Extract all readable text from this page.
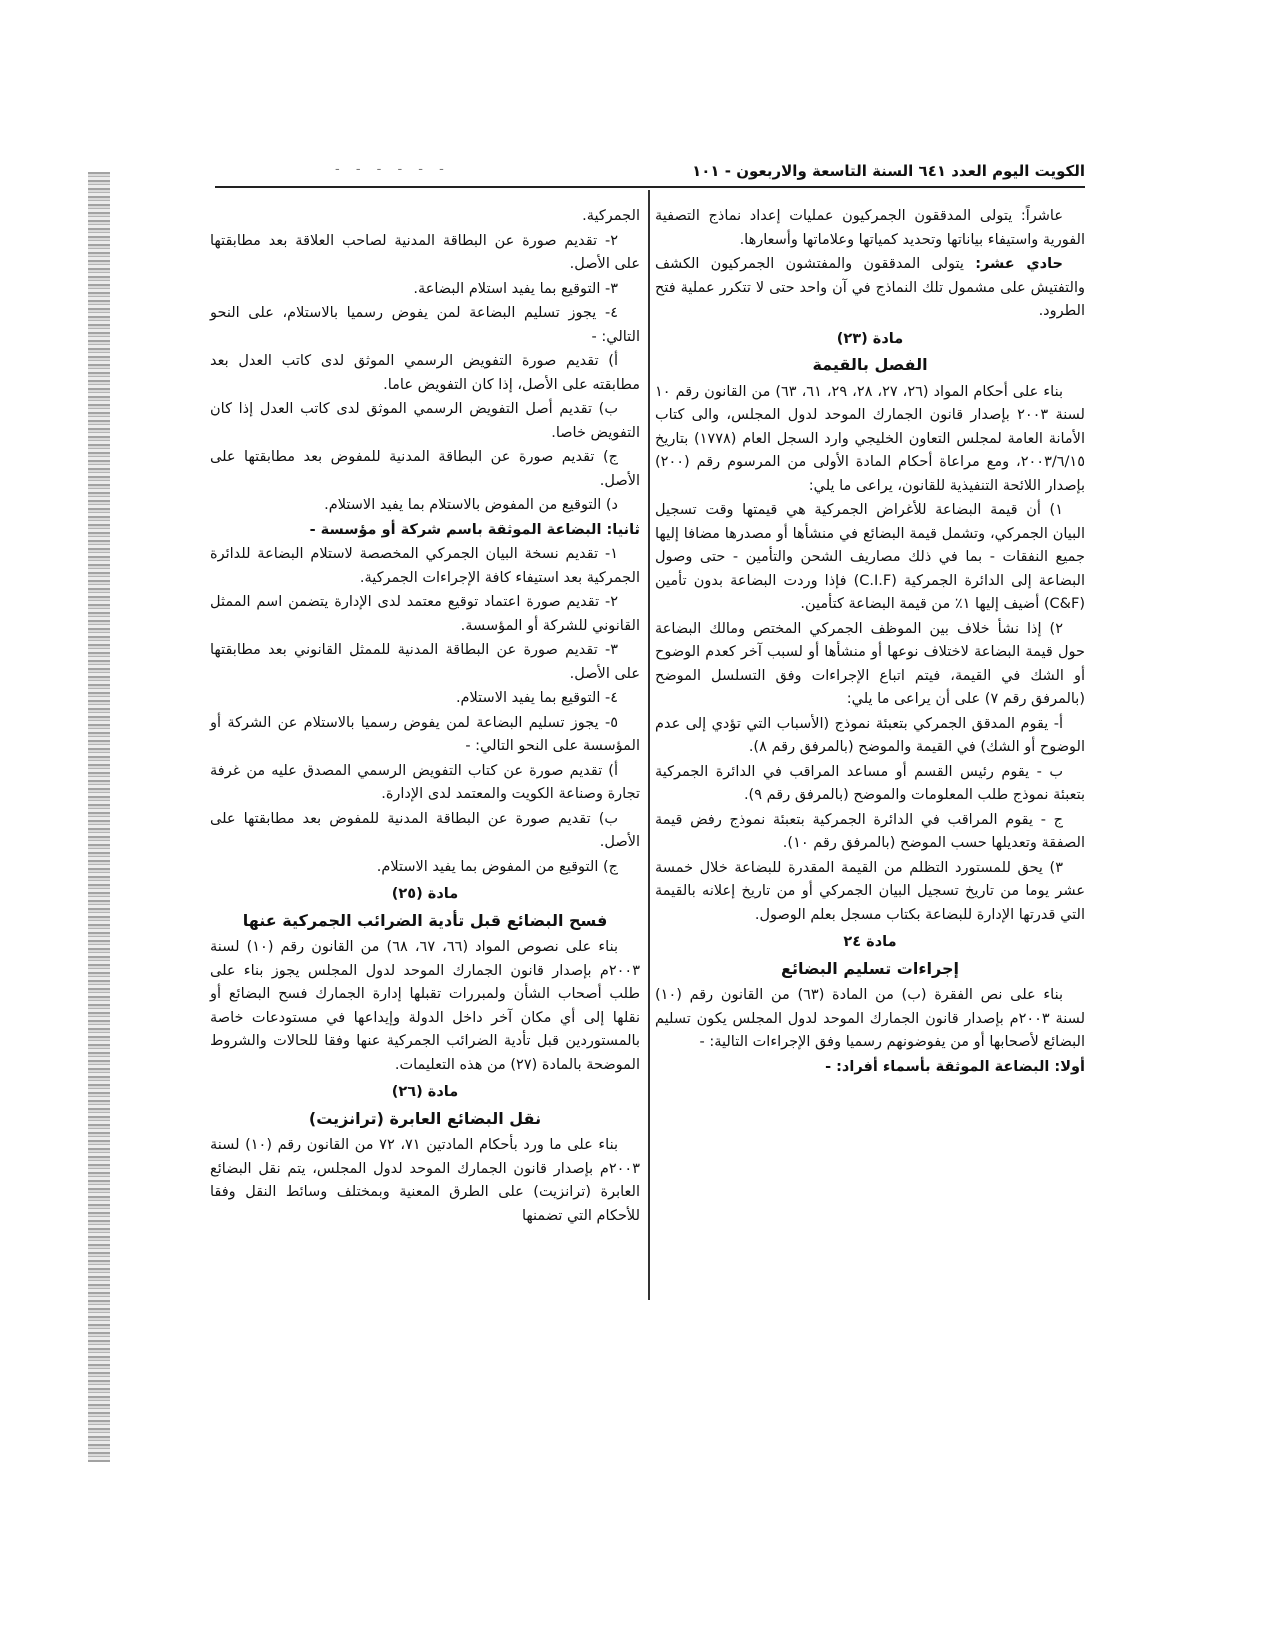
الكويت اليوم العدد ٦٤١ السنة التاسعة والاربعون - ١٠١
- - - - - -

عاشراً: يتولى المدققون الجمركيون عمليات إعداد نماذج التصفية الفورية واستيفاء بياناتها وتحديد كمياتها وعلاماتها وأسعارها.

حادي عشر: يتولى المدققون والمفتشون الجمركيون الكشف والتفتيش على مشمول تلك النماذج في آن واحد حتى لا تتكرر عملية فتح الطرود.

مادة (٢٣)

الفصل بالقيمة

بناء على أحكام المواد (٢٦، ٢٧، ٢٨، ٢٩، ٦١، ٦٣) من القانون رقم ١٠ لسنة ٢٠٠٣ بإصدار قانون الجمارك الموحد لدول المجلس، والى كتاب الأمانة العامة لمجلس التعاون الخليجي وارد السجل العام (١٧٧٨) بتاريخ ٢٠٠٣/٦/١٥، ومع مراعاة أحكام المادة الأولى من المرسوم رقم (٢٠٠) بإصدار اللائحة التنفيذية للقانون، يراعى ما يلي:

١) أن قيمة البضاعة للأغراض الجمركية هي قيمتها وقت تسجيل البيان الجمركي، وتشمل قيمة البضائع في منشأها أو مصدرها مضافا إليها جميع النفقات - بما في ذلك مصاريف الشحن والتأمين - حتى وصول البضاعة إلى الدائرة الجمركية (C.I.F) فإذا وردت البضاعة بدون تأمين (C&F) أضيف إليها ١٪ من قيمة البضاعة كتأمين.

٢) إذا نشأ خلاف بين الموظف الجمركي المختص ومالك البضاعة حول قيمة البضاعة لاختلاف نوعها أو منشأها أو لسبب آخر كعدم الوضوح أو الشك في القيمة، فيتم اتباع الإجراءات وفق التسلسل الموضح (بالمرفق رقم ٧) على أن يراعى ما يلي:

أ- يقوم المدقق الجمركي بتعبئة نموذج (الأسباب التي تؤدي إلى عدم الوضوح أو الشك) في القيمة والموضح (بالمرفق رقم ٨).

ب - يقوم رئيس القسم أو مساعد المراقب في الدائرة الجمركية بتعبئة نموذج طلب المعلومات والموضح (بالمرفق رقم ٩).

ج - يقوم المراقب في الدائرة الجمركية بتعبئة نموذج رفض قيمة الصفقة وتعديلها حسب الموضح (بالمرفق رقم ١٠).

٣) يحق للمستورد التظلم من القيمة المقدرة للبضاعة خلال خمسة عشر يوما من تاريخ تسجيل البيان الجمركي أو من تاريخ إعلانه بالقيمة التي قدرتها الإدارة للبضاعة بكتاب مسجل بعلم الوصول.

مادة ٢٤

إجراءات تسليم البضائع

بناء على نص الفقرة (ب) من المادة (٦٣) من القانون رقم (١٠) لسنة ٢٠٠٣م بإصدار قانون الجمارك الموحد لدول المجلس يكون تسليم البضائع لأصحابها أو من يفوضونهم رسميا وفق الإجراءات التالية: -

أولا: البضاعة الموثقة بأسماء أفراد: -

الجمركية.

٢- تقديم صورة عن البطاقة المدنية لصاحب العلاقة بعد مطابقتها على الأصل.

٣- التوقيع بما يفيد استلام البضاعة.

٤- يجوز تسليم البضاعة لمن يفوض رسميا بالاستلام، على النحو التالي: -

أ) تقديم صورة التفويض الرسمي الموثق لدى كاتب العدل بعد مطابقته على الأصل، إذا كان التفويض عاما.

ب) تقديم أصل التفويض الرسمي الموثق لدى كاتب العدل إذا كان التفويض خاصا.

ج) تقديم صورة عن البطاقة المدنية للمفوض بعد مطابقتها على الأصل.

د) التوقيع من المفوض بالاستلام بما يفيد الاستلام.

ثانيا: البضاعة الموثقة باسم شركة أو مؤسسة -

١- تقديم نسخة البيان الجمركي المخصصة لاستلام البضاعة للدائرة الجمركية بعد استيفاء كافة الإجراءات الجمركية.

٢- تقديم صورة اعتماد توقيع معتمد لدى الإدارة يتضمن اسم الممثل القانوني للشركة أو المؤسسة.

٣- تقديم صورة عن البطاقة المدنية للممثل القانوني بعد مطابقتها على الأصل.

٤- التوقيع بما يفيد الاستلام.

٥- يجوز تسليم البضاعة لمن يفوض رسميا بالاستلام عن الشركة أو المؤسسة على النحو التالي: -

أ) تقديم صورة عن كتاب التفويض الرسمي المصدق عليه من غرفة تجارة وصناعة الكويت والمعتمد لدى الإدارة.

ب) تقديم صورة عن البطاقة المدنية للمفوض بعد مطابقتها على الأصل.

ج) التوقيع من المفوض بما يفيد الاستلام.

مادة (٢٥)

فسح البضائع قبل تأدية الضرائب الجمركية عنها

بناء على نصوص المواد (٦٦، ٦٧، ٦٨) من القانون رقم (١٠) لسنة ٢٠٠٣م بإصدار قانون الجمارك الموحد لدول المجلس يجوز بناء على طلب أصحاب الشأن ولمبررات تقبلها إدارة الجمارك فسح البضائع أو نقلها إلى أي مكان آخر داخل الدولة وإيداعها في مستودعات خاصة بالمستوردين قبل تأدية الضرائب الجمركية عنها وفقا للحالات والشروط الموضحة بالمادة (٢٧) من هذه التعليمات.

مادة (٢٦)

نقل البضائع العابرة (ترانزيت)

بناء على ما ورد بأحكام المادتين ٧١، ٧٢ من القانون رقم (١٠) لسنة ٢٠٠٣م بإصدار قانون الجمارك الموحد لدول المجلس، يتم نقل البضائع العابرة (ترانزيت) على الطرق المعنية وبمختلف وسائط النقل وفقا للأحكام التي تضمنها
